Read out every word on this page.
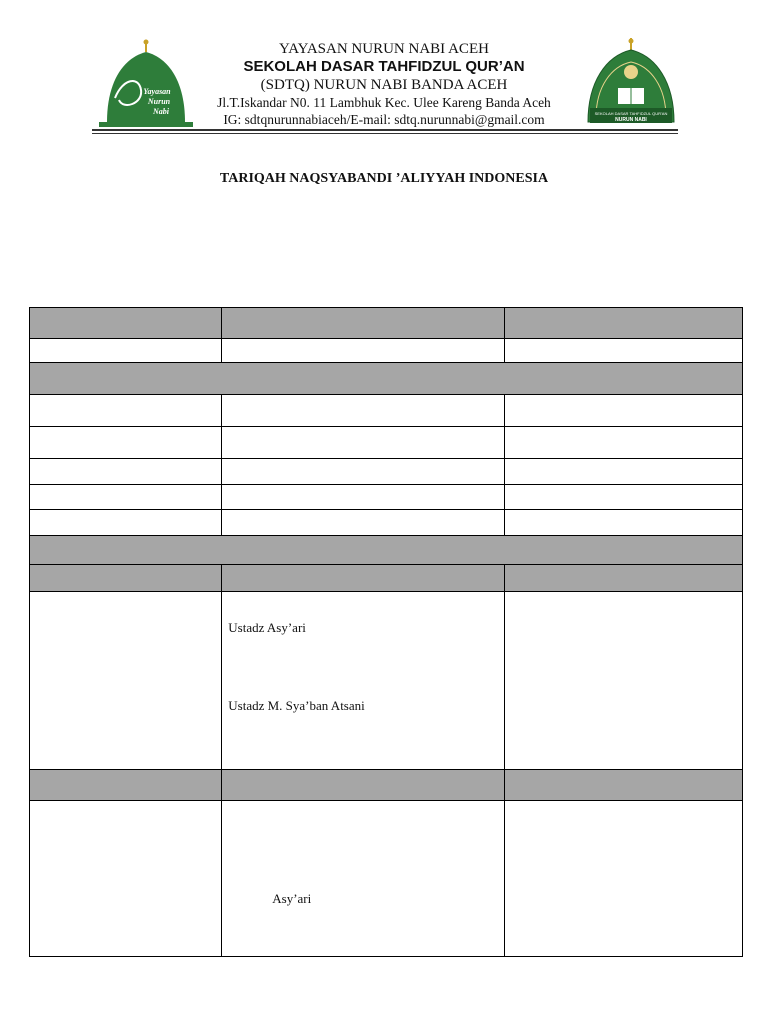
Yayasan
Nurun
Nabi
YAYASAN NURUN NABI ACEH
SEKOLAH DASAR TAHFIDZUL QUR’AN
(SDTQ) NURUN NABI BANDA ACEH
Jl.T.Iskandar N0. 11 Lambhuk Kec. Ulee Kareng Banda Aceh
IG: sdtqnurunnabiaceh/E-mail: sdtq.nurunnabi@gmail.com	SEKOLAH DASAR TAHFIDZUL QUR'AN
NURUN NABI
TARIQAH NAQSYABANDI ’ALIYYAH INDONESIA

	Ustadz Asy’ari
Ustadz M. Sya’ban Atsani	

	Asy’ari	
